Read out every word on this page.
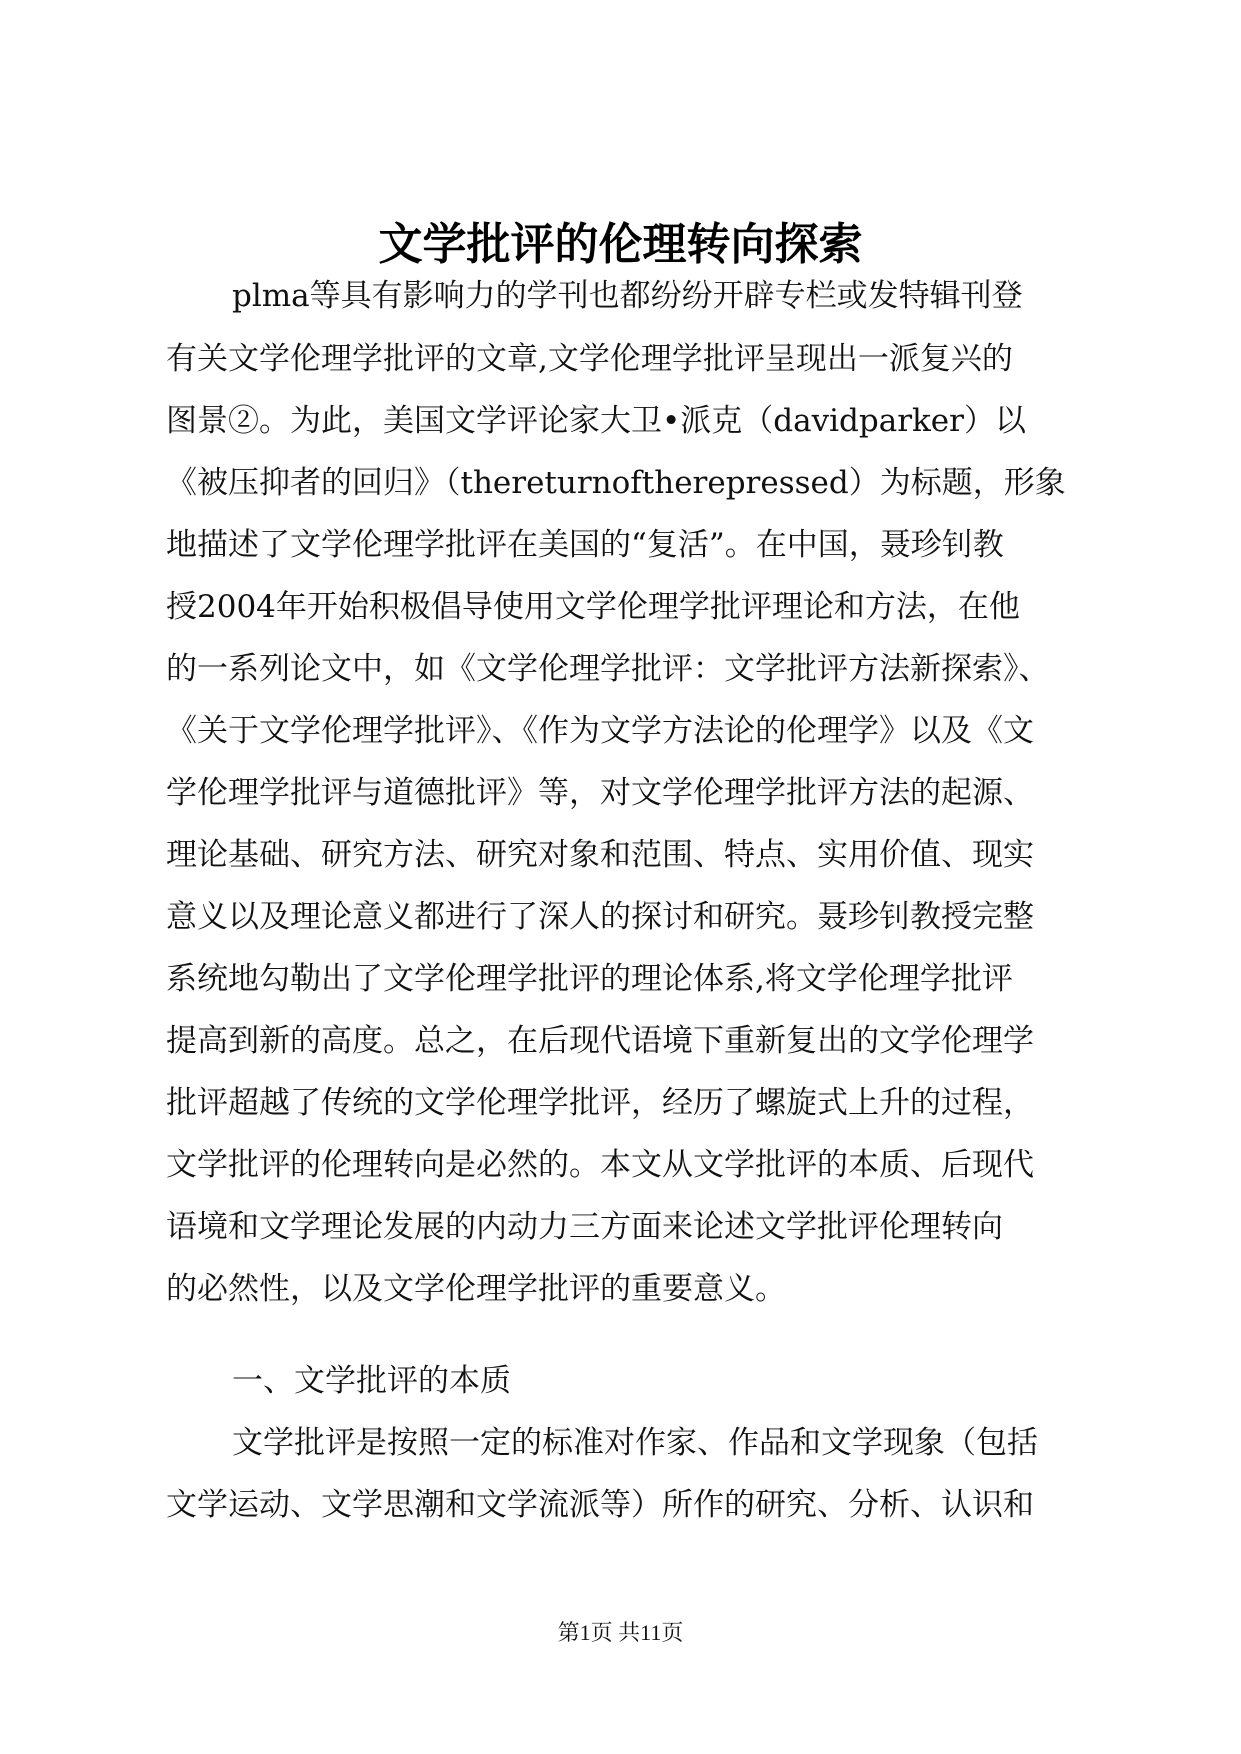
文学批评的伦理转向探索
plma等具有影响力的学刊也都纷纷开辟专栏或发特辑刊登
有关文学伦理学批评的文章,文学伦理学批评呈现出一派复兴的
图景②。为此，美国文学评论家大卫•派克（davidparker）以
《被压抑者的回归》（thereturnoftherepressed）为标题，形象
地描述了文学伦理学批评在美国的“复活”。在中国，聂珍钊教
授2004年开始积极倡导使用文学伦理学批评理论和方法，在他
的一系列论文中，如《文学伦理学批评：文学批评方法新探索》、
《关于文学伦理学批评》、《作为文学方法论的伦理学》以及《文
学伦理学批评与道德批评》等，对文学伦理学批评方法的起源、
理论基础、研究方法、研究对象和范围、特点、实用价值、现实
意义以及理论意义都进行了深人的探讨和研究。聂珍钊教授完整
系统地勾勒出了文学伦理学批评的理论体系,将文学伦理学批评
提高到新的高度。总之，在后现代语境下重新复出的文学伦理学
批评超越了传统的文学伦理学批评，经历了螺旋式上升的过程，
文学批评的伦理转向是必然的。本文从文学批评的本质、后现代
语境和文学理论发展的内动力三方面来论述文学批评伦理转向
的必然性，以及文学伦理学批评的重要意义。
一、文学批评的本质
文学批评是按照一定的标准对作家、作品和文学现象（包括
文学运动、文学思潮和文学流派等）所作的研究、分析、认识和
第1页 共11页
